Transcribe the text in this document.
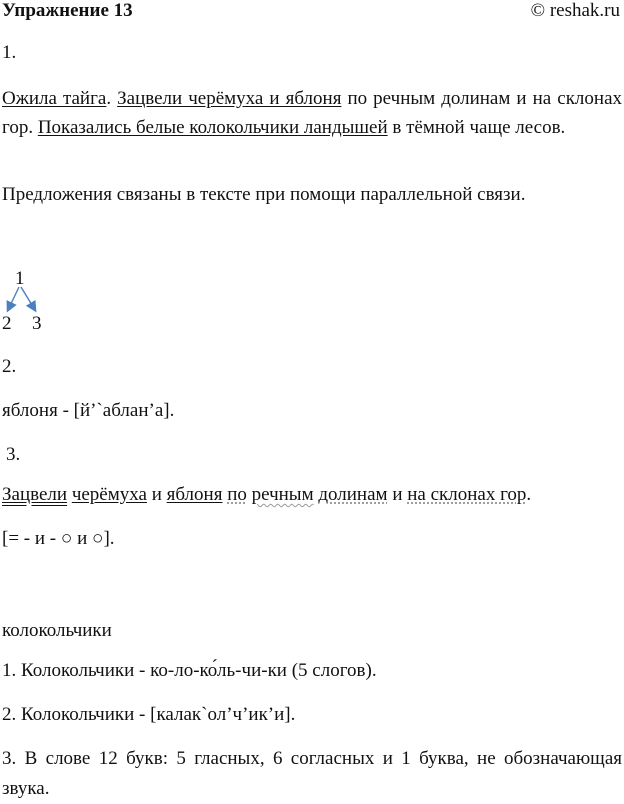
Упражнение 13	© reshak.ru
1.
Ожила тайга. Зацвели черёмуха и яблоня по речным долинам и на склонах гор. Показались белые колокольчики ландышей в тёмной чаще лесов.
Предложения связаны в тексте при помощи параллельной связи.
1
2 3
2.
яблоня - [й’`аблан’а].
3.
Зацвели черёмуха и яблоня по речным долинам и на склонах гор.
[= - и - ○ и ○].
колокольчики
1. Колокольчики - ко-ло-ко́ль-чи-ки (5 слогов).
2. Колокольчики - [калак`ол’ч’ик’и].
3. В слове 12 букв: 5 гласных, 6 согласных и 1 буква, не обозначающая звука.
